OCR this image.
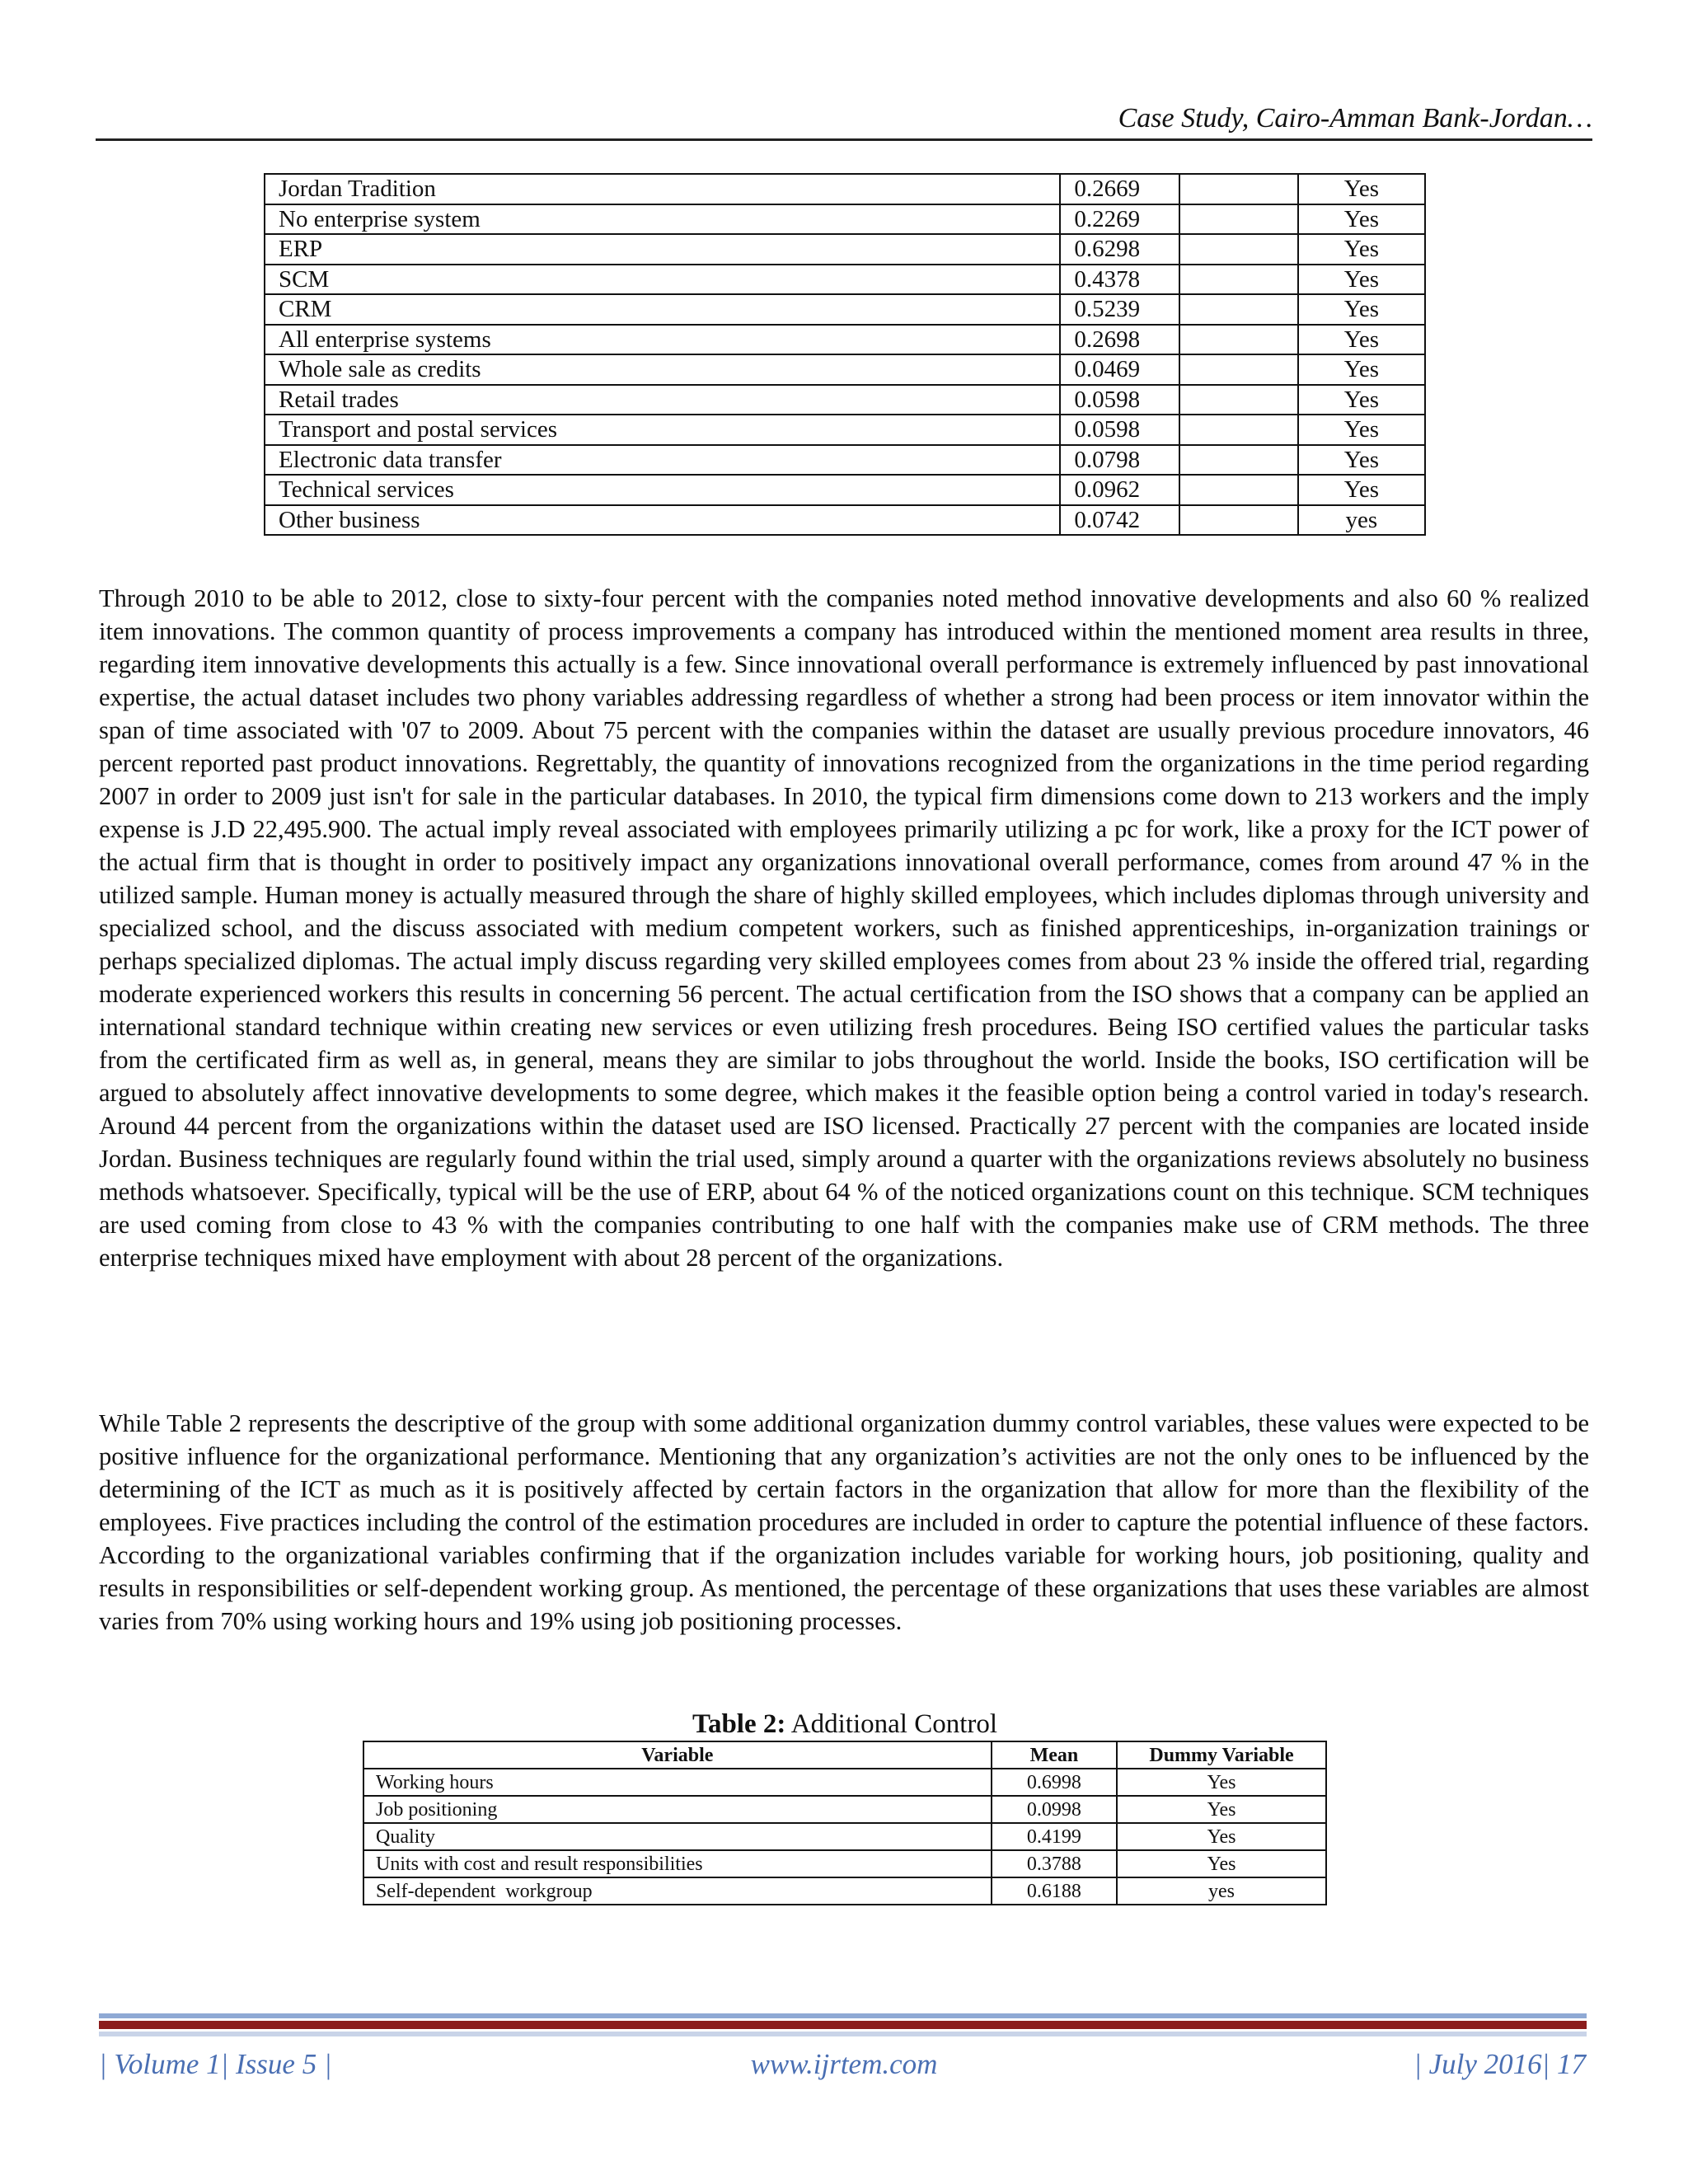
Case Study, Cairo-Amman Bank-Jordan…
Jordan Tradition	0.2669		Yes
No enterprise system	0.2269		Yes
ERP	0.6298		Yes
SCM	0.4378		Yes
CRM	0.5239		Yes
All enterprise systems	0.2698		Yes
Whole sale as credits	0.0469		Yes
Retail trades	0.0598		Yes
Transport and postal services	0.0598		Yes
Electronic data transfer	0.0798		Yes
Technical services	0.0962		Yes
Other business	0.0742		yes

Through 2010 to be able to 2012, close to sixty-four percent with the companies noted method innovative developments and also 60 % realized item innovations. The common quantity of process improvements a company has introduced within the mentioned moment area results in three, regarding item innovative developments this actually is a few. Since innovational overall performance is extremely influenced by past innovational expertise, the actual dataset includes two phony variables addressing regardless of whether a strong had been process or item innovator within the span of time associated with '07 to 2009. About 75 percent with the companies within the dataset are usually previous procedure innovators, 46 percent reported past product innovations. Regrettably, the quantity of innovations recognized from the organizations in the time period regarding 2007 in order to 2009 just isn't for sale in the particular databases. In 2010, the typical firm dimensions come down to 213 workers and the imply expense is J.D 22,495.900. The actual imply reveal associated with employees primarily utilizing a pc for work, like a proxy for the ICT power of the actual firm that is thought in order to positively impact any organizations innovational overall performance, comes from around 47 % in the utilized sample. Human money is actually measured through the share of highly skilled employees, which includes diplomas through university and specialized school, and the discuss associated with medium competent workers, such as finished apprenticeships, in-organization trainings or perhaps specialized diplomas. The actual imply discuss regarding very skilled employees comes from about 23 % inside the offered trial, regarding moderate experienced workers this results in concerning 56 percent. The actual certification from the ISO shows that a company can be applied an international standard technique within creating new services or even utilizing fresh procedures. Being ISO certified values the particular tasks from the certificated firm as well as, in general, means they are similar to jobs throughout the world. Inside the books, ISO certification will be argued to absolutely affect innovative developments to some degree, which makes it the feasible option being a control varied in today's research. Around 44 percent from the organizations within the dataset used are ISO licensed. Practically 27 percent with the companies are located inside Jordan. Business techniques are regularly found within the trial used, simply around a quarter with the organizations reviews absolutely no business methods whatsoever. Specifically, typical will be the use of ERP, about 64 % of the noticed organizations count on this technique. SCM techniques are used coming from close to 43 % with the companies contributing to one half with the companies make use of CRM methods. The three enterprise techniques mixed have employment with about 28 percent of the organizations.

While Table 2 represents the descriptive of the group with some additional organization dummy control variables, these values were expected to be positive influence for the organizational performance. Mentioning that any organization’s activities are not the only ones to be influenced by the determining of the ICT as much as it is positively affected by certain factors in the organization that allow for more than the flexibility of the employees. Five practices including the control of the estimation procedures are included in order to capture the potential influence of these factors. According to the organizational variables confirming that if the organization includes variable for working hours, job positioning, quality and results in responsibilities or self-dependent working group. As mentioned, the percentage of these organizations that uses these variables are almost varies from 70% using working hours and 19% using job positioning processes.

Table 2: Additional Control
Variable	Mean	Dummy Variable
Working hours	0.6998	Yes
Job positioning	0.0998	Yes
Quality	0.4199	Yes
Units with cost and result responsibilities	0.3788	Yes
Self-dependent  workgroup	0.6188	yes
www.ijrtem.com
| Volume 1| Issue 5 |	| July 2016| 17
